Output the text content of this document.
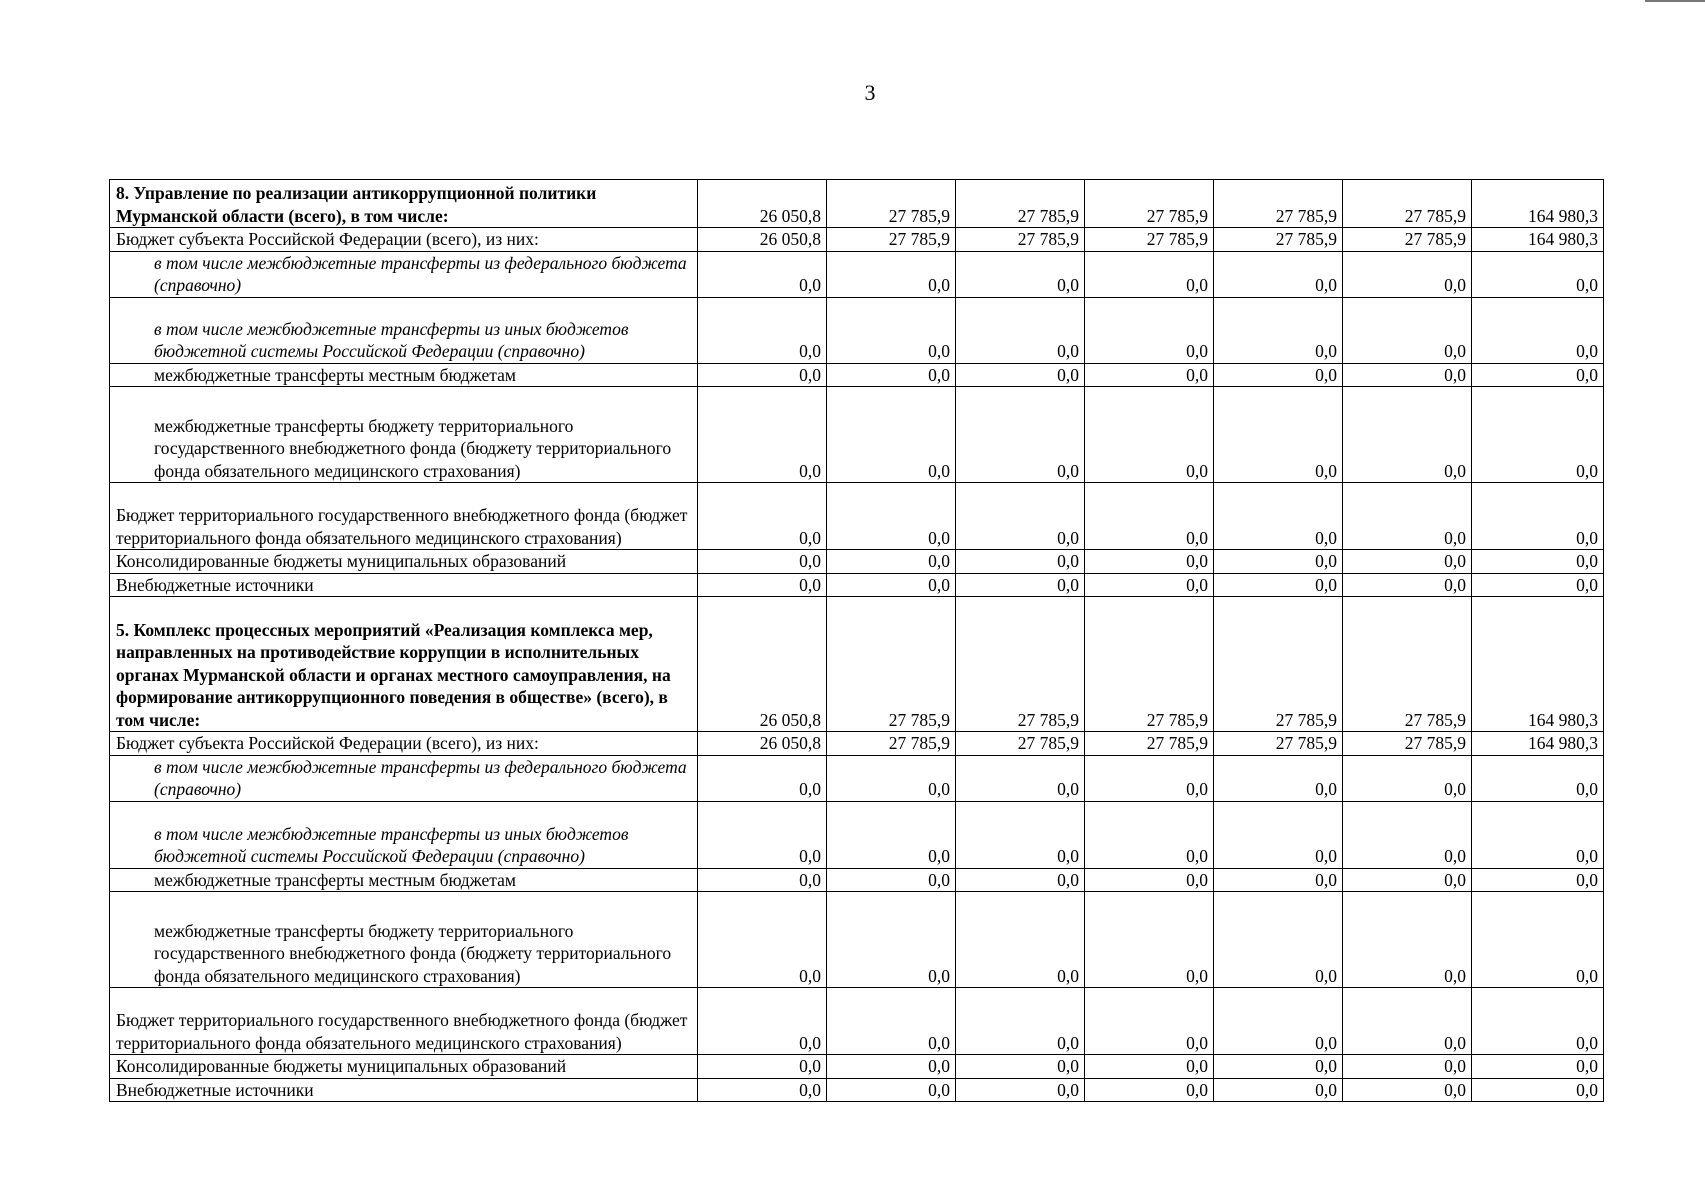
3
8. Управление по реализации антикоррупционной политики Мурманской области (всего), в том числе:	26 050,8	27 785,9	27 785,9	27 785,9	27 785,9	27 785,9	164 980,3
Бюджет субъекта Российской Федерации (всего), из них:	26 050,8	27 785,9	27 785,9	27 785,9	27 785,9	27 785,9	164 980,3
в том числе межбюджетные трансферты из федерального бюджета (справочно)	0,0	0,0	0,0	0,0	0,0	0,0	0,0
в том числе межбюджетные трансферты из иных бюджетов бюджетной системы Российской Федерации (справочно)	0,0	0,0	0,0	0,0	0,0	0,0	0,0
межбюджетные трансферты местным бюджетам	0,0	0,0	0,0	0,0	0,0	0,0	0,0
межбюджетные трансферты бюджету территориального государственного внебюджетного фонда (бюджету территориального фонда обязательного медицинского страхования)	0,0	0,0	0,0	0,0	0,0	0,0	0,0
Бюджет территориального государственного внебюджетного фонда (бюджет территориального фонда обязательного медицинского страхования)	0,0	0,0	0,0	0,0	0,0	0,0	0,0
Консолидированные бюджеты муниципальных образований	0,0	0,0	0,0	0,0	0,0	0,0	0,0
Внебюджетные источники	0,0	0,0	0,0	0,0	0,0	0,0	0,0
5. Комплекс процессных мероприятий «Реализация комплекса мер, направленных на противодействие коррупции в исполнительных органах Мурманской области и органах местного самоуправления, на формирование антикоррупционного поведения в обществе» (всего), в том числе:	26 050,8	27 785,9	27 785,9	27 785,9	27 785,9	27 785,9	164 980,3
Бюджет субъекта Российской Федерации (всего), из них:	26 050,8	27 785,9	27 785,9	27 785,9	27 785,9	27 785,9	164 980,3
в том числе межбюджетные трансферты из федерального бюджета (справочно)	0,0	0,0	0,0	0,0	0,0	0,0	0,0
в том числе межбюджетные трансферты из иных бюджетов бюджетной системы Российской Федерации (справочно)	0,0	0,0	0,0	0,0	0,0	0,0	0,0
межбюджетные трансферты местным бюджетам	0,0	0,0	0,0	0,0	0,0	0,0	0,0
межбюджетные трансферты бюджету территориального государственного внебюджетного фонда (бюджету территориального фонда обязательного медицинского страхования)	0,0	0,0	0,0	0,0	0,0	0,0	0,0
Бюджет территориального государственного внебюджетного фонда (бюджет территориального фонда обязательного медицинского страхования)	0,0	0,0	0,0	0,0	0,0	0,0	0,0
Консолидированные бюджеты муниципальных образований	0,0	0,0	0,0	0,0	0,0	0,0	0,0
Внебюджетные источники	0,0	0,0	0,0	0,0	0,0	0,0	0,0
